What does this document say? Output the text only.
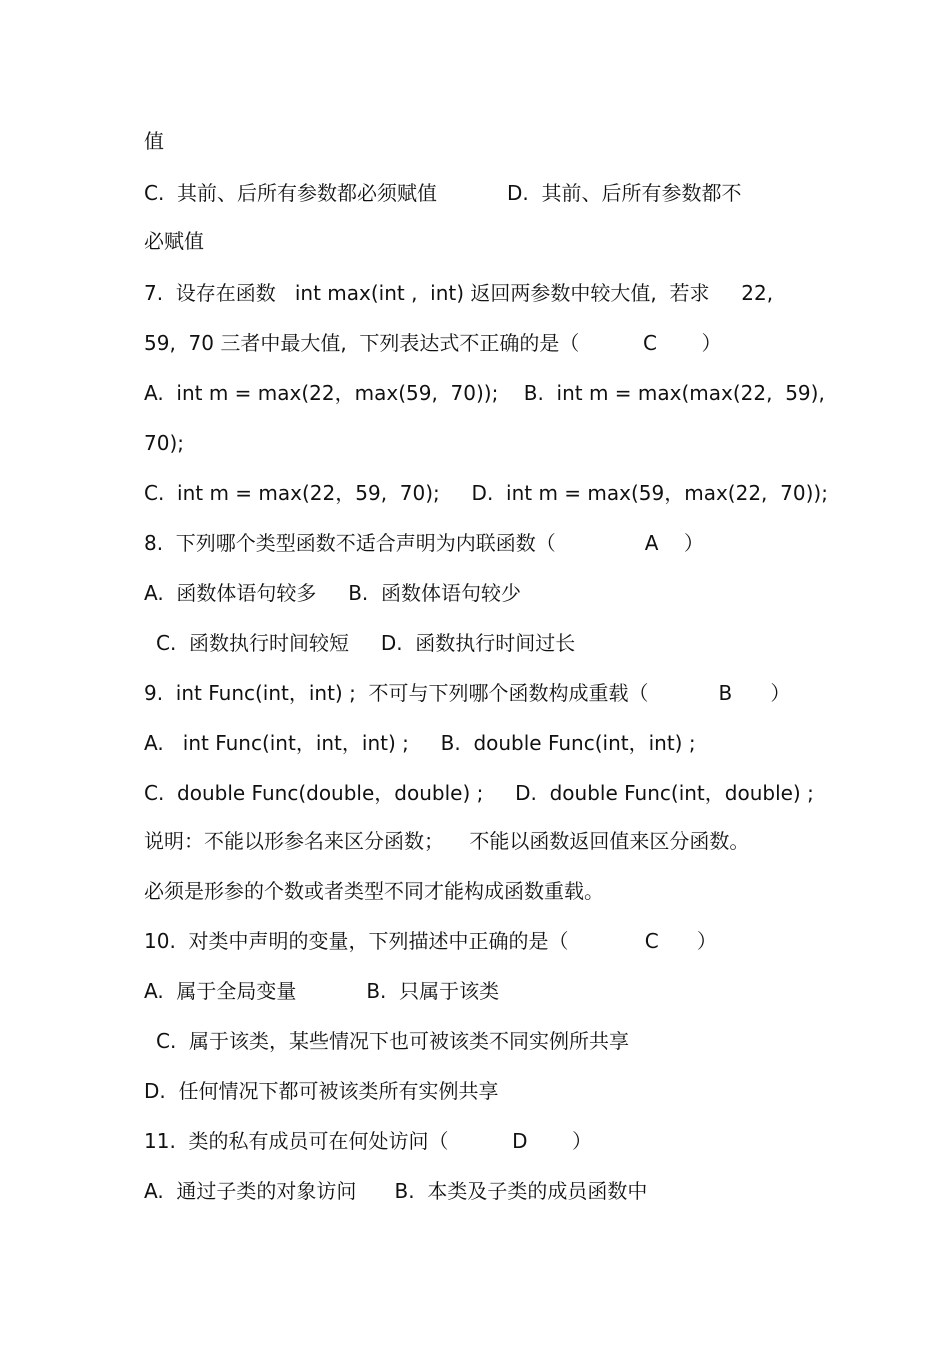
值
C.  其前、后所有参数都必须赋值           D.  其前、后所有参数都不
必赋值
7.  设存在函数   int max(int ,  int) 返回两参数中较大值,  若求     22,
59,  70 三者中最大值,  下列表达式不正确的是（          C       ）
A.  int m = max(22，max(59,  70));    B.  int m = max(max(22,  59),
70);
C.  int m = max(22，59,  70);     D.  int m = max(59，max(22,  70));
8.  下列哪个类型函数不适合声明为内联函数（              A    ）
A.  函数体语句较多     B.  函数体语句较少
C.  函数执行时间较短     D.  函数执行时间过长
9.  int Func(int，int) ;  不可与下列哪个函数构成重载（           B      ）
A.   int Func(int，int，int) ;     B.  double Func(int，int) ;
C.  double Func(double，double) ;     D.  double Func(int，double) ;
说明：不能以形参名来区分函数；    不能以函数返回值来区分函数。
必须是形参的个数或者类型不同才能构成函数重载。
10.  对类中声明的变量，下列描述中正确的是（            C      ）
A.  属于全局变量           B.  只属于该类
C.  属于该类，某些情况下也可被该类不同实例所共享
D.  任何情况下都可被该类所有实例共享
11.  类的私有成员可在何处访问（          D       ）
A.  通过子类的对象访问      B.  本类及子类的成员函数中
